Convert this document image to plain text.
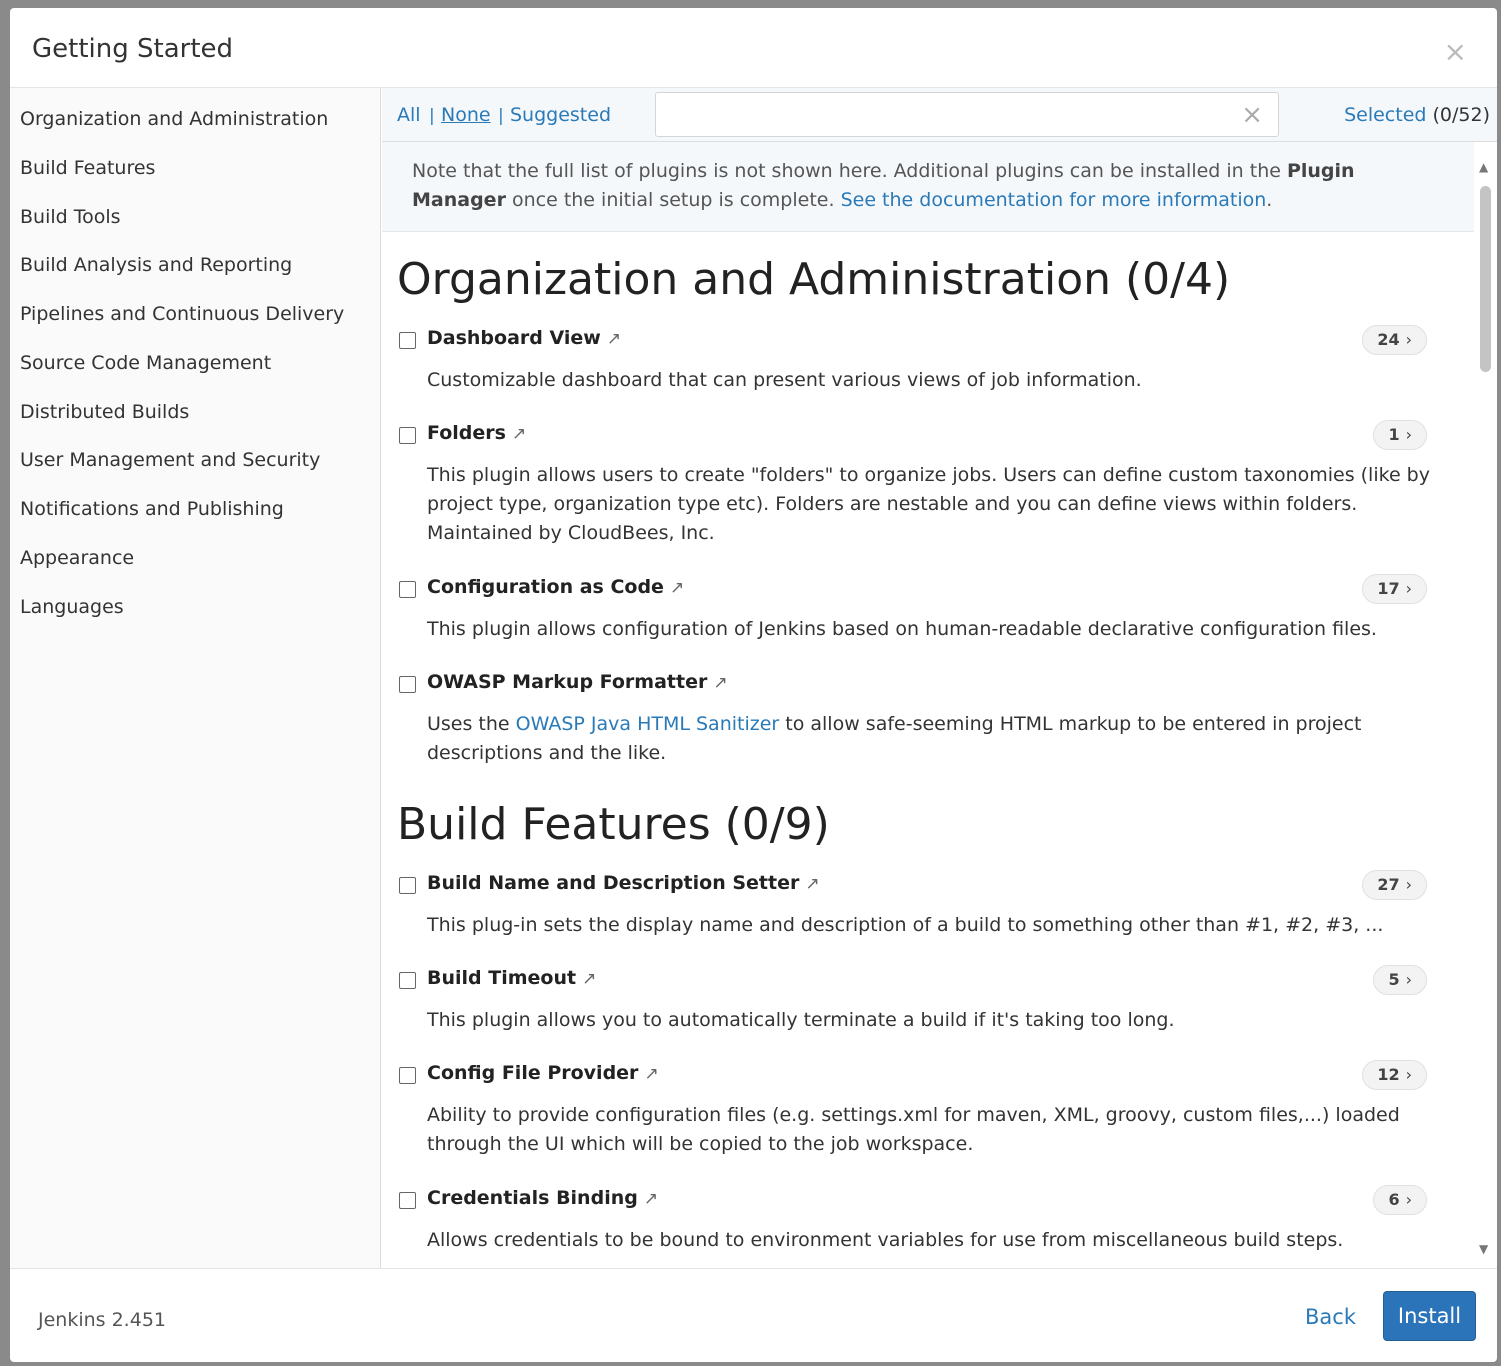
Getting Started	×
Organization and Administration
Build Features
Build Tools
Build Analysis and Reporting
Pipelines and Continuous Delivery
Source Code Management
Distributed Builds
User Management and Security
Notifications and Publishing
Appearance
Languages
All | None | Suggested	×	Selected (0/52)
Note that the full list of plugins is not shown here. Additional plugins can be installed in the Plugin Manager once the initial setup is complete. See the documentation for more information.
Organization and Administration (0/4)
Dashboard View ↗	24 ›
Customizable dashboard that can present various views of job information.
Folders ↗	1 ›
This plugin allows users to create "folders" to organize jobs. Users can define custom taxonomies (like by project type, organization type etc). Folders are nestable and you can define views within folders. Maintained by CloudBees, Inc.
Configuration as Code ↗	17 ›
This plugin allows configuration of Jenkins based on human-readable declarative configuration files.
OWASP Markup Formatter ↗
Uses the OWASP Java HTML Sanitizer to allow safe-seeming HTML markup to be entered in project descriptions and the like.
Build Features (0/9)
Build Name and Description Setter ↗	27 ›
This plug-in sets the display name and description of a build to something other than #1, #2, #3, ...
Build Timeout ↗	5 ›
This plugin allows you to automatically terminate a build if it's taking too long.
Config File Provider ↗	12 ›
Ability to provide configuration files (e.g. settings.xml for maven, XML, groovy, custom files,...) loaded through the UI which will be copied to the job workspace.
Credentials Binding ↗	6 ›
Allows credentials to be bound to environment variables for use from miscellaneous build steps.
▲
▼
Jenkins 2.451	Back	Install
